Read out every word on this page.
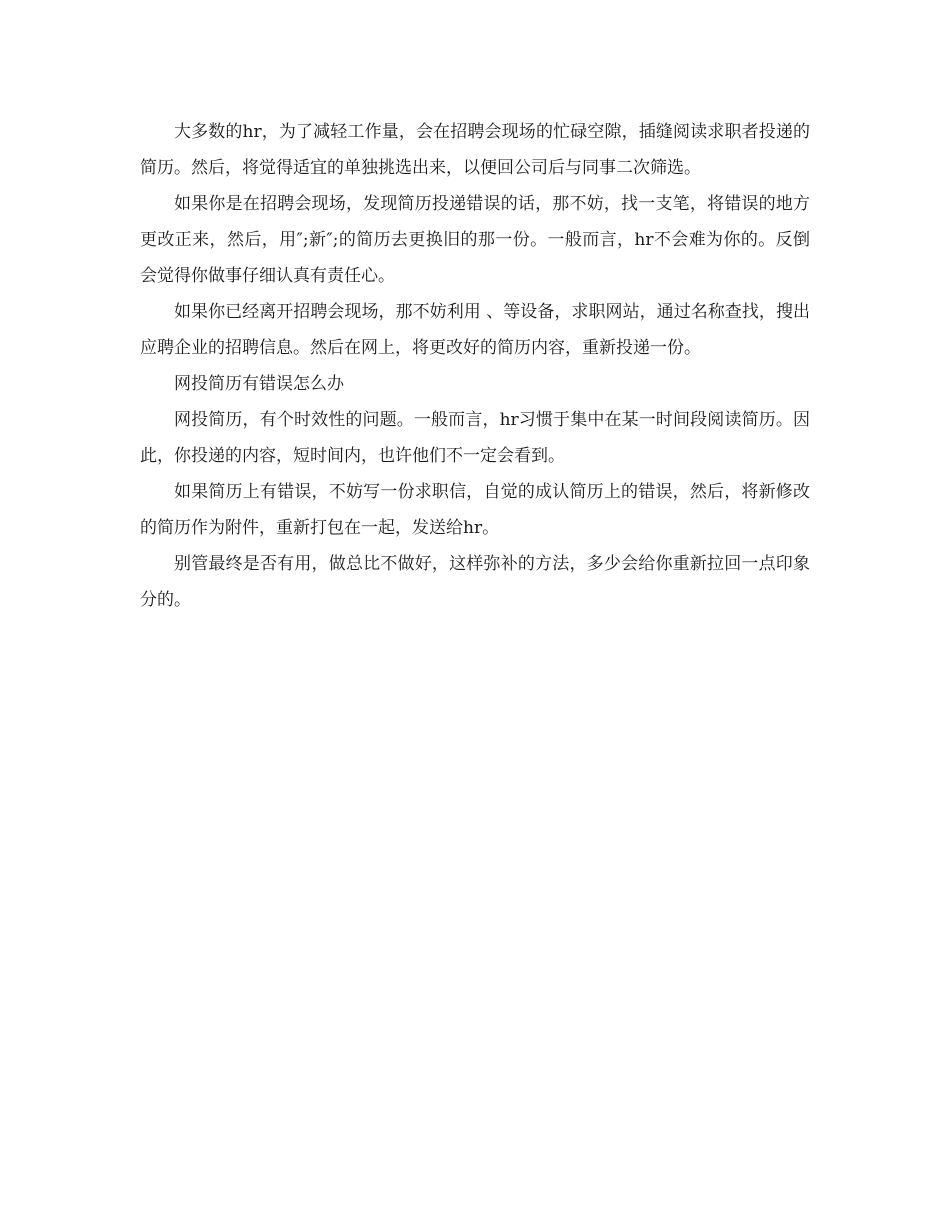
大多数的hr，为了减轻工作量，会在招聘会现场的忙碌空隙，插缝阅读求职者投递的简历。然后，将觉得适宜的单独挑选出来，以便回公司后与同事二次筛选。

如果你是在招聘会现场，发现简历投递错误的话，那不妨，找一支笔，将错误的地方更改正来，然后，用″;新″;的简历去更换旧的那一份。一般而言，hr不会难为你的。反倒会觉得你做事仔细认真有责任心。

如果你已经离开招聘会现场，那不妨利用 、等设备，求职网站，通过名称查找，搜出应聘企业的招聘信息。然后在网上，将更改好的简历内容，重新投递一份。

网投简历有错误怎么办

网投简历，有个时效性的问题。一般而言，hr习惯于集中在某一时间段阅读简历。因此，你投递的内容，短时间内，也许他们不一定会看到。

如果简历上有错误，不妨写一份求职信，自觉的成认简历上的错误，然后，将新修改的简历作为附件，重新打包在一起，发送给hr。

别管最终是否有用，做总比不做好，这样弥补的方法，多少会给你重新拉回一点印象分的。
